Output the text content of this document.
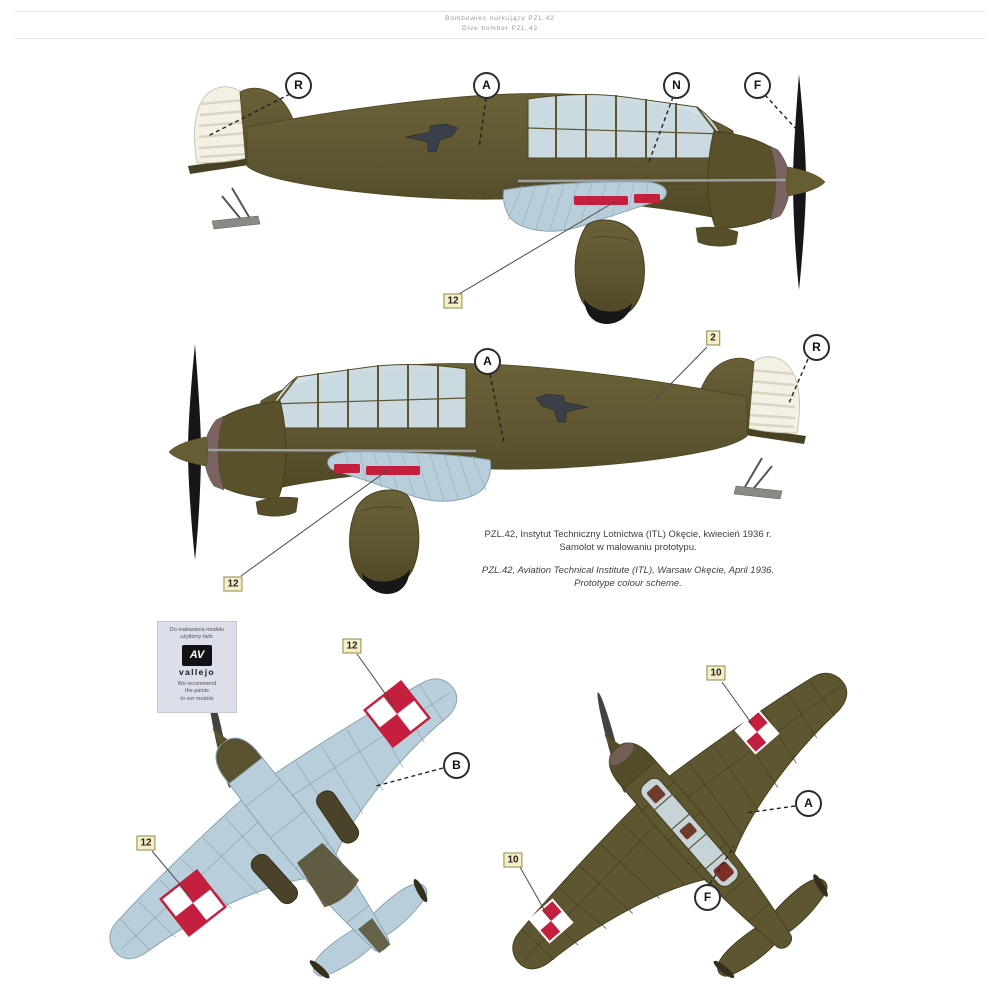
Bombowiec nurkujący PZL.42
Dive bomber PZL.42
R	A	N	F
A
R
B
A
F
12
2
12
12
12
10
10
PZL.42, Instytut Techniczny Lotnictwa (ITL) Okęcie, kwiecień 1936 r.
Samolot w malowaniu prototypu.
PZL.42, Aviation Technical Institute (ITL), Warsaw Okęcie, April 1936.
Prototype colour scheme.
Do malowania modelu
użyliśmy farb:
AV
vallejo
We recommend
the paints
to our models
